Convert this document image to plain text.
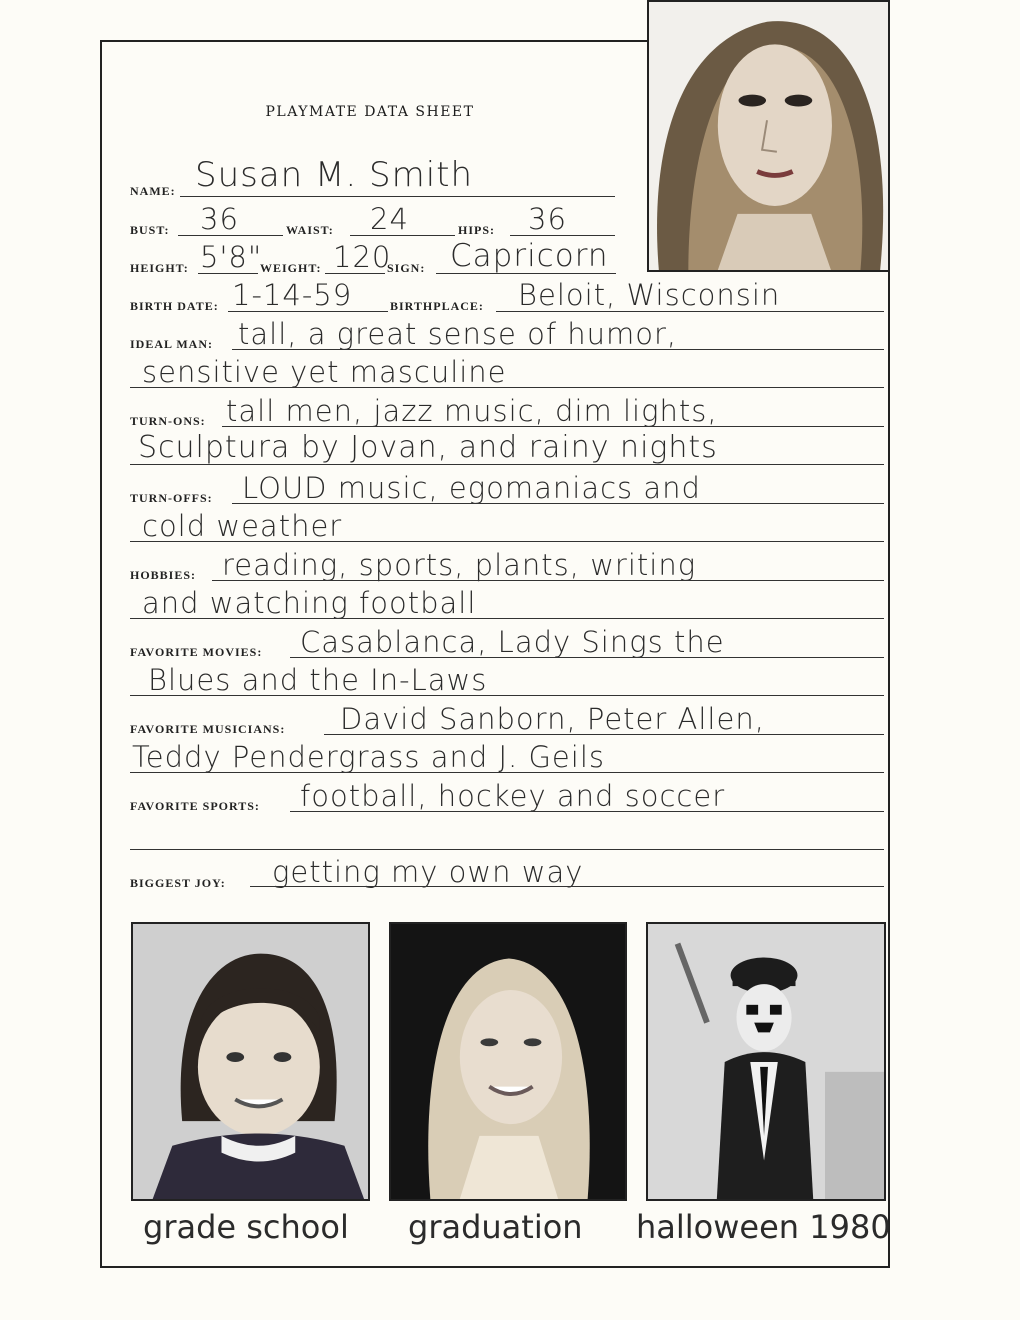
PLAYMATE DATA SHEET
NAME: Susan M. Smith
BUST: 36	WAIST: 24	HIPS: 36
HEIGHT: 5'8"
WEIGHT: 120
SIGN: Capricorn
BIRTH DATE: 1-14-59	BIRTHPLACE: Beloit, Wisconsin
IDEAL MAN: tall, a great sense of humor,
sensitive yet masculine
TURN-ONS: tall men, jazz music, dim lights,
Sculptura by Jovan, and rainy nights
TURN-OFFS: LOUD music, egomaniacs and
cold weather
HOBBIES: reading, sports, plants, writing
and watching football
FAVORITE MOVIES: Casablanca, Lady Sings the
Blues and the In-Laws
FAVORITE MUSICIANS: David Sanborn, Peter Allen,
Teddy Pendergrass and J. Geils
FAVORITE SPORTS: football, hockey and soccer
BIGGEST JOY: getting my own way
grade school graduation halloween 1980
